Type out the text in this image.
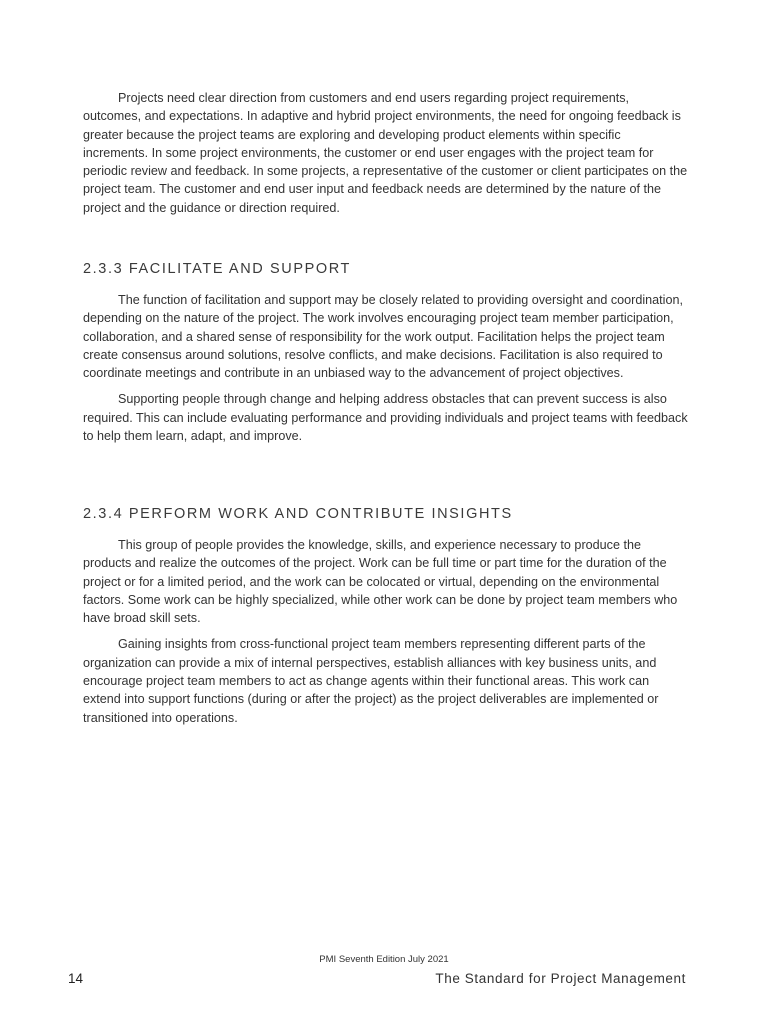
Projects need clear direction from customers and end users regarding project requirements, outcomes, and expectations. In adaptive and hybrid project environments, the need for ongoing feedback is greater because the project teams are exploring and developing product elements within specific increments. In some project environments, the customer or end user engages with the project team for periodic review and feedback. In some projects, a representative of the customer or client participates on the project team. The customer and end user input and feedback needs are determined by the nature of the project and the guidance or direction required.

2.3.3 FACILITATE AND SUPPORT

The function of facilitation and support may be closely related to providing oversight and coordination, depending on the nature of the project. The work involves encouraging project team member participation, collaboration, and a shared sense of responsibility for the work output. Facilitation helps the project team create consensus around solutions, resolve conflicts, and make decisions. Facilitation is also required to coordinate meetings and contribute in an unbiased way to the advancement of project objectives.

Supporting people through change and helping address obstacles that can prevent success is also required. This can include evaluating performance and providing individuals and project teams with feedback to help them learn, adapt, and improve.

2.3.4 PERFORM WORK AND CONTRIBUTE INSIGHTS

This group of people provides the knowledge, skills, and experience necessary to produce the products and realize the outcomes of the project. Work can be full time or part time for the duration of the project or for a limited period, and the work can be colocated or virtual, depending on the environmental factors. Some work can be highly specialized, while other work can be done by project team members who have broad skill sets.

Gaining insights from cross-functional project team members representing different parts of the organization can provide a mix of internal perspectives, establish alliances with key business units, and encourage project team members to act as change agents within their functional areas. This work can extend into support functions (during or after the project) as the project deliverables are implemented or transitioned into operations.

PMI Seventh Edition July 2021
14	The Standard for Project Management
